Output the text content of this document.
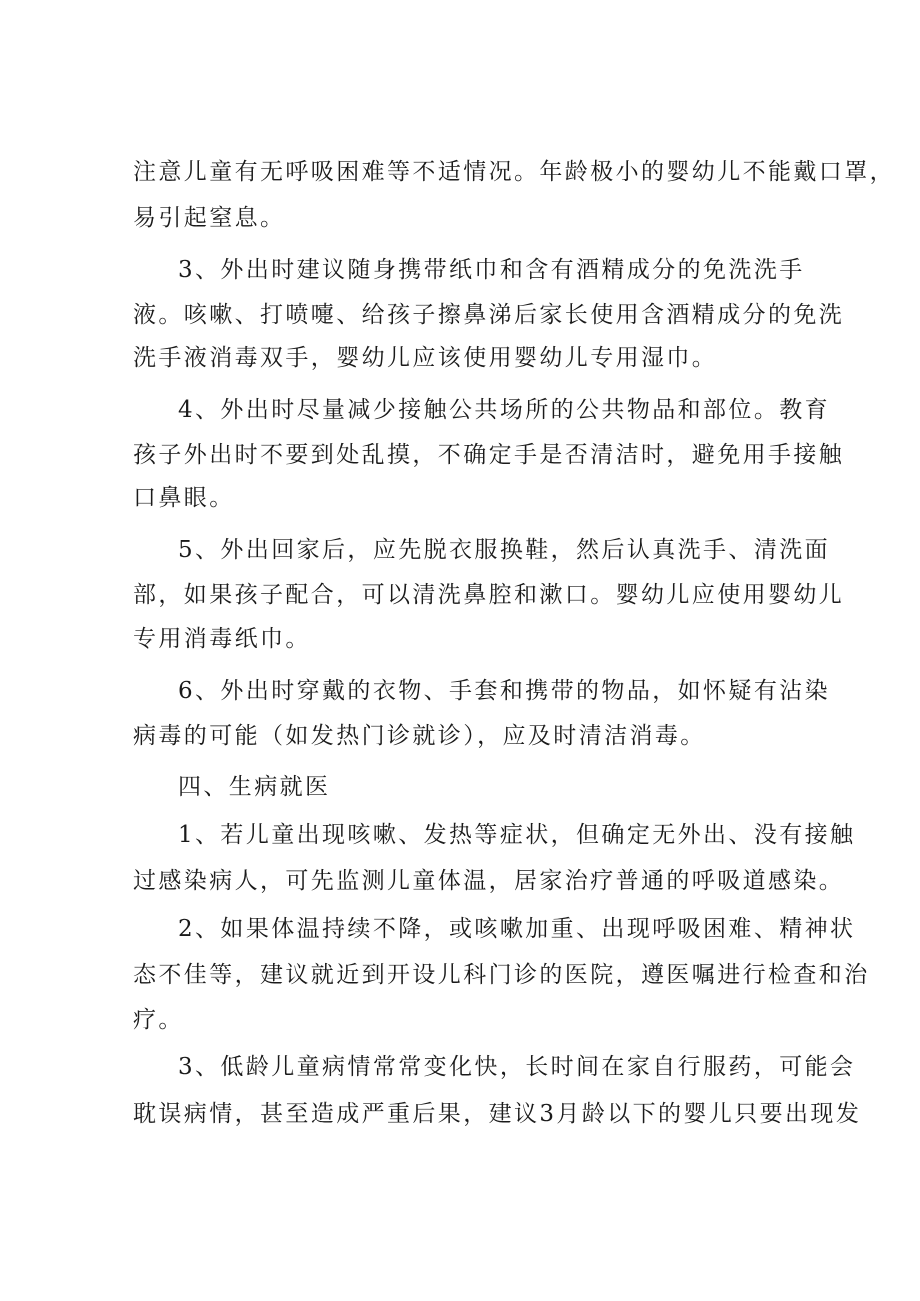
注意儿童有无呼吸困难等不适情况。年龄极小的婴幼儿不能戴口罩，
易引起窒息。
3、外出时建议随身携带纸巾和含有酒精成分的免洗洗手
液。咳嗽、打喷嚏、给孩子擦鼻涕后家长使用含酒精成分的免洗
洗手液消毒双手，婴幼儿应该使用婴幼儿专用湿巾。
4、外出时尽量减少接触公共场所的公共物品和部位。教育
孩子外出时不要到处乱摸，不确定手是否清洁时，避免用手接触
口鼻眼。
5、外出回家后，应先脱衣服换鞋，然后认真洗手、清洗面
部，如果孩子配合，可以清洗鼻腔和漱口。婴幼儿应使用婴幼儿
专用消毒纸巾。
6、外出时穿戴的衣物、手套和携带的物品，如怀疑有沾染
病毒的可能（如发热门诊就诊），应及时清洁消毒。
四、生病就医
1、若儿童出现咳嗽、发热等症状，但确定无外出、没有接触
过感染病人，可先监测儿童体温，居家治疗普通的呼吸道感染。
2、如果体温持续不降，或咳嗽加重、出现呼吸困难、精神状
态不佳等，建议就近到开设儿科门诊的医院，遵医嘱进行检查和治
疗。
3、低龄儿童病情常常变化快，长时间在家自行服药，可能会
耽误病情，甚至造成严重后果，建议3月龄以下的婴儿只要出现发
